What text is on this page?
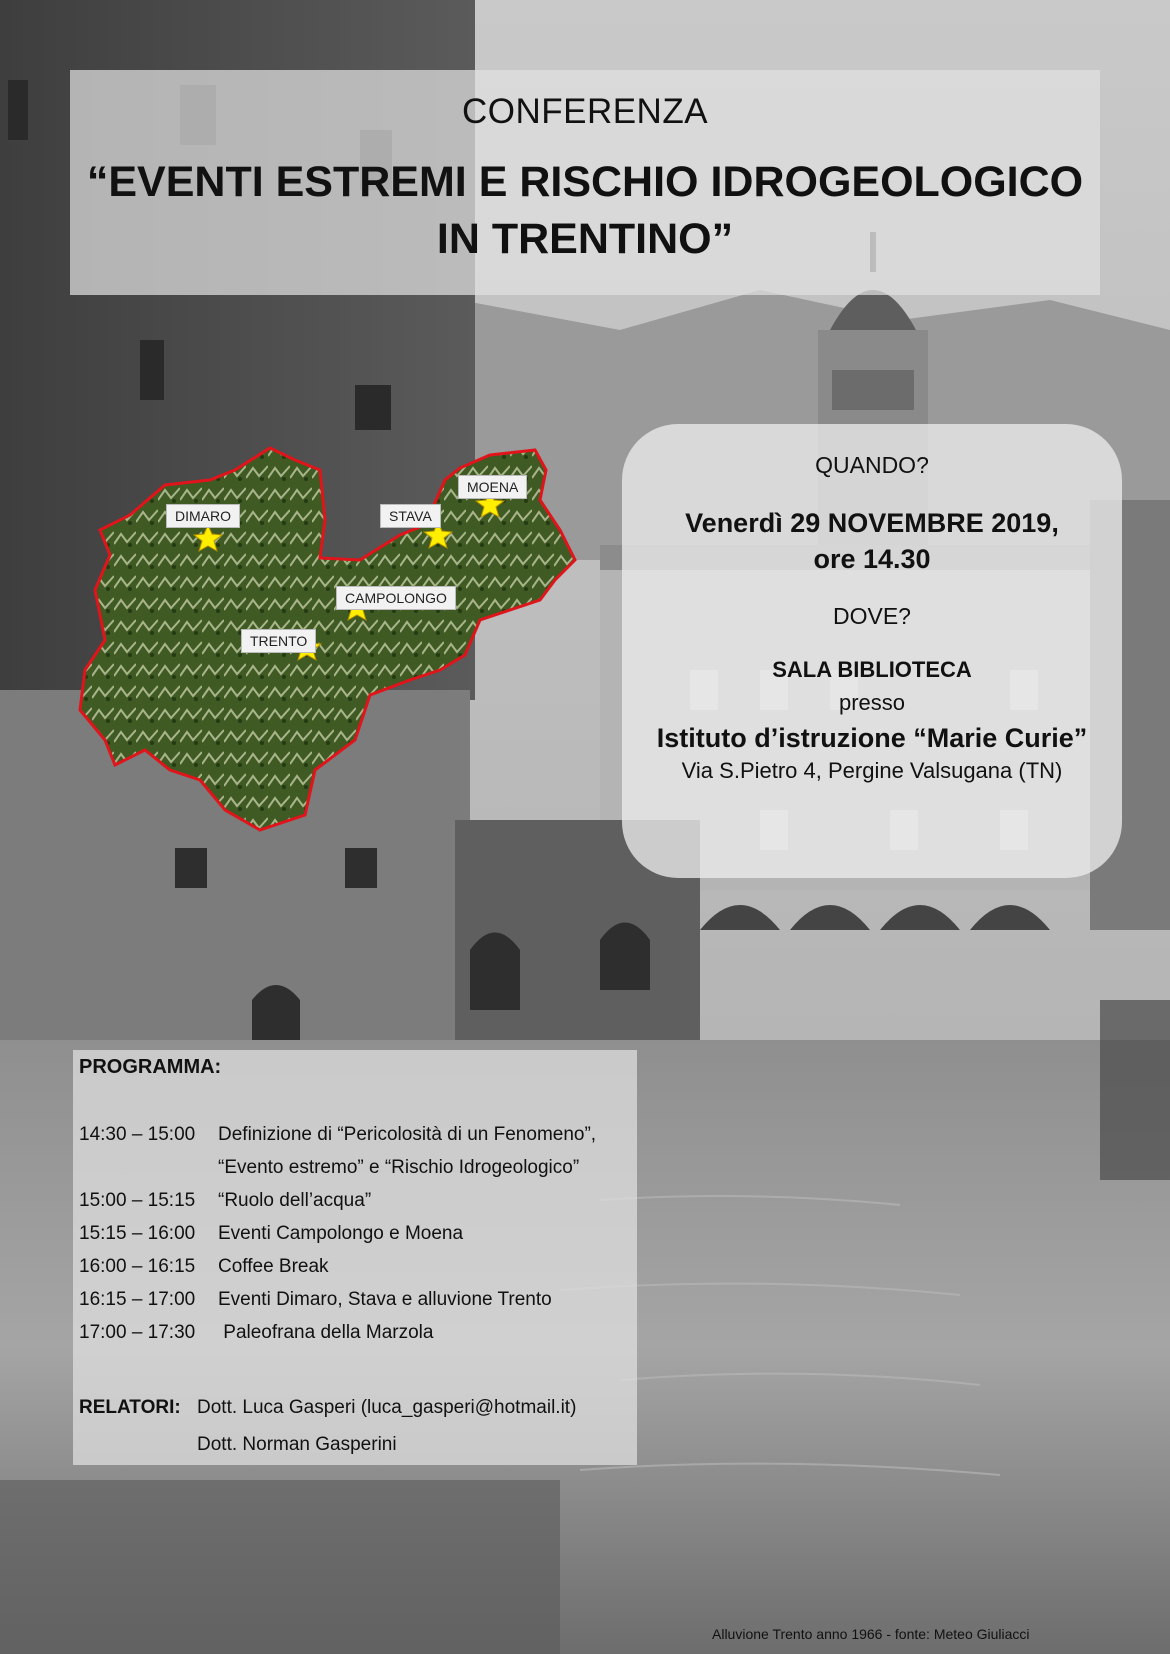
CONFERENZA
“EVENTI ESTREMI E RISCHIO IDROGEOLOGICO
IN TRENTINO”
DIMARO	STAVA
MOENA
CAMPOLONGO
TRENTO
QUANDO?
Venerdì 29 NOVEMBRE 2019,
ore 14.30
DOVE?
SALA BIBLIOTECA
presso
Istituto d’istruzione “Marie Curie”
Via S.Pietro 4, Pergine Valsugana (TN)
PROGRAMMA:
14:30 – 15:00 Definizione di “Pericolosità di un Fenomeno”,
“Evento estremo” e “Rischio Idrogeologico”
15:00 – 15:15 “Ruolo dell’acqua”
15:15 – 16:00 Eventi Campolongo e Moena
16:00 – 16:15 Coffee Break
16:15 – 17:00 Eventi Dimaro, Stava e alluvione Trento
17:00 – 17:30 Paleofrana della Marzola
RELATORI: Dott. Luca Gasperi (luca_gasperi@hotmail.it)
Dott. Norman Gasperini
Alluvione Trento anno 1966 - fonte: Meteo Giuliacci
